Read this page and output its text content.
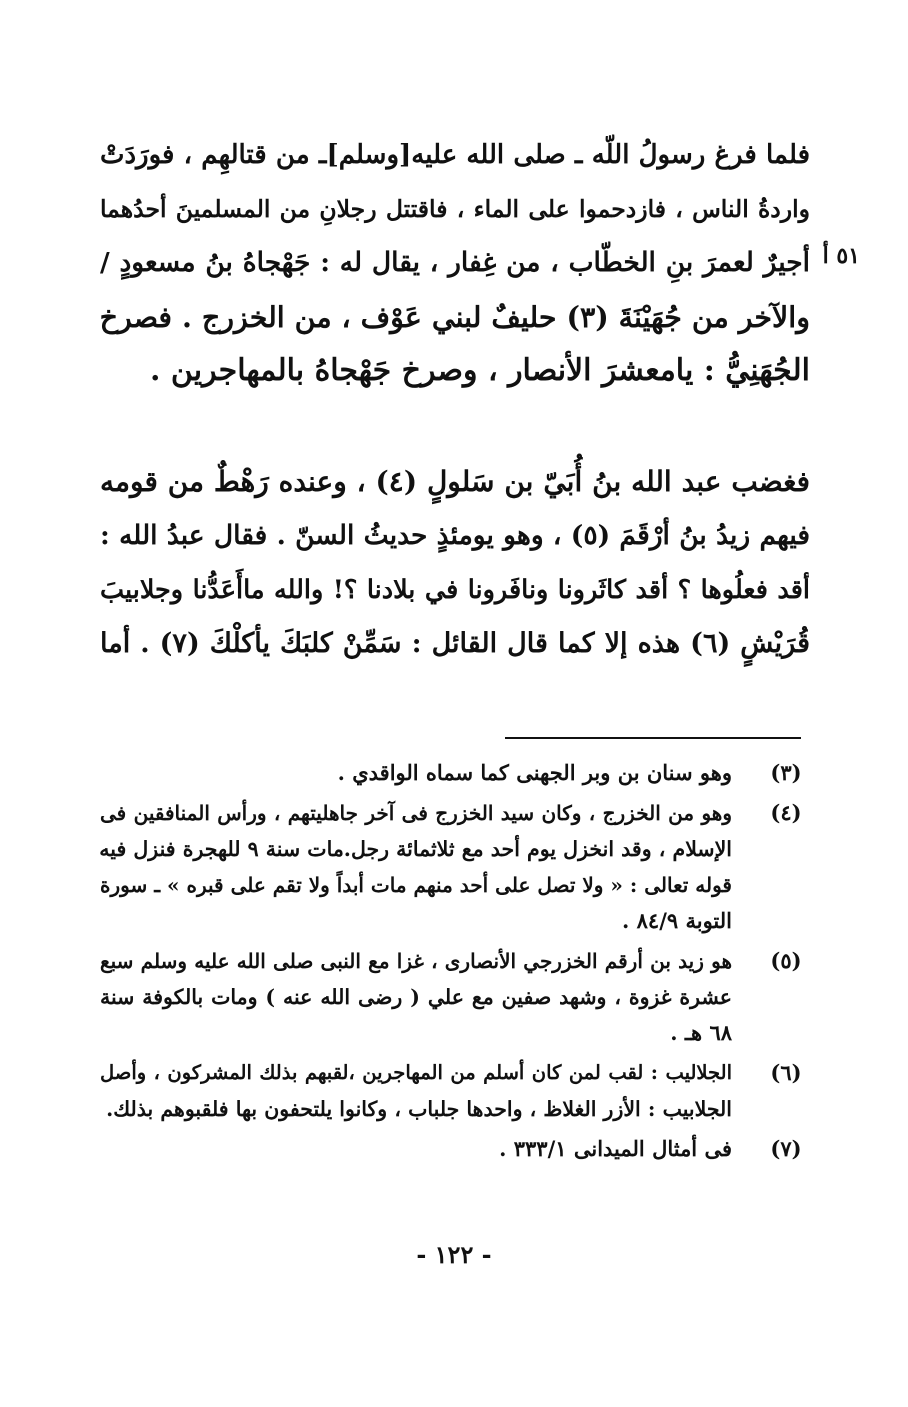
٥١ أ
فلما فرغ رسولُ اللّه ـ صلى الله عليه[وسلم]ـ من قتالهِم ، فورَدَتْ
واردةُ الناس ، فازدحموا على الماء ، فاقتتل رجلانِ من المسلمينَ أحدُهما
أجيرٌ لعمرَ بنِ الخطّاب ، من غِفار ، يقال له : جَهْجاهُ بنُ مسعودٍ /
والآخر من جُهَيْنَةَ (٣) حليفٌ لبني عَوْف ، من الخزرج . فصرخ
الجُهَنِيُّ : يامعشرَ الأنصار ، وصرخ جَهْجاهُ بالمهاجرين .
فغضب عبد الله بنُ أُبَيّ بن سَلولٍ (٤) ، وعنده رَهْطٌ من قومه
فيهم زيدُ بنُ أرْقَمَ (٥) ، وهو يومئذٍ حديثُ السنّ . فقال عبدُ الله :
أقد فعلُوها ؟ أقد كاثَرونا ونافَرونا في بلادنا ؟! والله ماأَعَدُّنا وجلابيبَ
قُرَيْشٍ (٦) هذه إلا كما قال القائل : سَمِّنْ كلبَكَ يأكلْكَ (٧) . أما
(٣)
وهو سنان بن وبر الجهنى كما سماه الواقدي .
(٤)
وهو من الخزرج ، وكان سيد الخزرج فى آخر جاهليتهم ، ورأس المنافقين فى
الإسلام ، وقد انخزل يوم أحد مع ثلاثمائة رجل.مات سنة ٩ للهجرة فنزل فيه
قوله تعالى : « ولا تصل على أحد منهم مات أبداً ولا تقم على قبره » ـ سورة
التوبة ٨٤/٩ .
(٥)
هو زيد بن أرقم الخزرجي الأنصارى ، غزا مع النبى صلى الله عليه وسلم سبع
عشرة غزوة ، وشهد صفين مع علي ( رضى الله عنه ) ومات بالكوفة سنة
٦٨ هـ .
(٦)
الجلاليب : لقب لمن كان أسلم من المهاجرين ،لقبهم بذلك المشركون ، وأصل
الجلابيب : الأزر الغلاظ ، واحدها جلباب ، وكانوا يلتحفون بها فلقبوهم بذلك.
(٧)
فى أمثال الميدانى ٣٣٣/١ .
- ١٢٢ -
